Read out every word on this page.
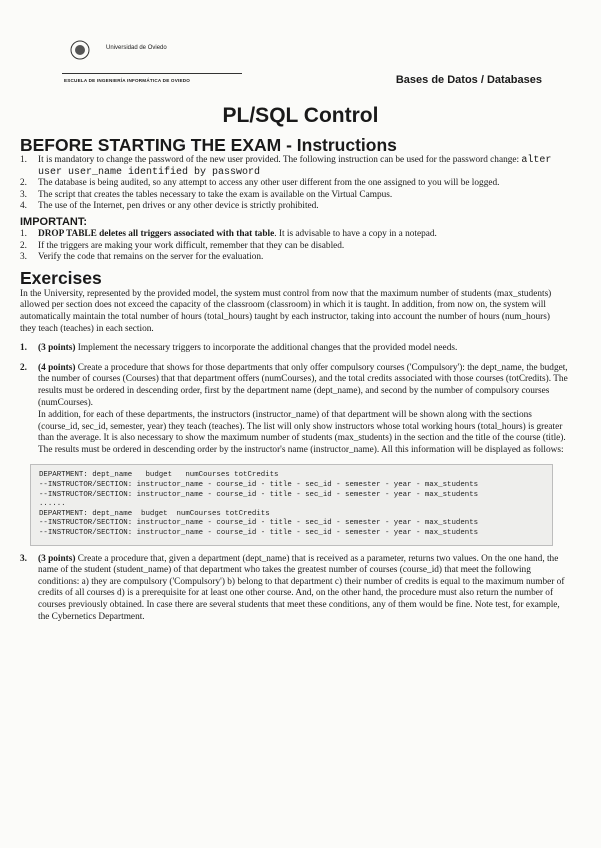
Universidad de Oviedo
ESCUELA DE INGENIERÍA INFORMÁTICA DE OVIEDO	Bases de Datos / Databases
PL/SQL Control
BEFORE STARTING THE EXAM - Instructions
1. It is mandatory to change the password of the new user provided. The following instruction can be used for the password change: alter user user_name identified by password
2. The database is being audited, so any attempt to access any other user different from the one assigned to you will be logged.
3. The script that creates the tables necessary to take the exam is available on the Virtual Campus.
4. The use of the Internet, pen drives or any other device is strictly prohibited.
IMPORTANT:
1. DROP TABLE deletes all triggers associated with that table. It is advisable to have a copy in a notepad.
2. If the triggers are making your work difficult, remember that they can be disabled.
3. Verify the code that remains on the server for the evaluation.
Exercises

In the University, represented by the provided model, the system must control from now that the maximum number of students (max_students) allowed per section does not exceed the capacity of the classroom (classroom) in which it is taught. In addition, from now on, the system will automatically maintain the total number of hours (total_hours) taught by each instructor, taking into account the number of hours (num_hours) they teach (teaches) in each section.

1. (3 points) Implement the necessary triggers to incorporate the additional changes that the provided model needs.
2. (4 points) Create a procedure that shows for those departments that only offer compulsory courses ('Compulsory'): the dept_name, the budget, the number of courses (Courses) that that department offers (numCourses), and the total credits associated with those courses (totCredits). The results must be ordered in descending order, first by the department name (dept_name), and second by the number of compulsory courses (numCourses).

In addition, for each of these departments, the instructors (instructor_name) of that department will be shown along with the sections (course_id, sec_id, semester, year) they teach (teaches). The list will only show instructors whose total working hours (total_hours) is greater than the average. It is also necessary to show the maximum number of students (max_students) in the section and the title of the course (title). The results must be ordered in descending order by the instructor's name (instructor_name). All this information will be displayed as follows:

DEPARTMENT: dept_name   budget   numCourses totCredits
--INSTRUCTOR/SECTION: instructor_name - course_id - title - sec_id - semester - year - max_students
--INSTRUCTOR/SECTION: instructor_name - course_id - title - sec_id - semester - year - max_students
......
DEPARTMENT: dept_name  budget  numCourses totCredits
--INSTRUCTOR/SECTION: instructor_name - course_id - title - sec_id - semester - year - max_students
--INSTRUCTOR/SECTION: instructor_name - course_id - title - sec_id - semester - year - max_students
3. (3 points) Create a procedure that, given a department (dept_name) that is received as a parameter, returns two values. On the one hand, the name of the student (student_name) of that department who takes the greatest number of courses (course_id) that meet the following conditions: a) they are compulsory ('Compulsory') b) belong to that department c) their number of credits is equal to the maximum number of credits of all courses d) is a prerequisite for at least one other course. And, on the other hand, the procedure must also return the number of courses previously obtained. In case there are several students that meet these conditions, any of them would be fine. Note test, for example, the Cybernetics Department.
